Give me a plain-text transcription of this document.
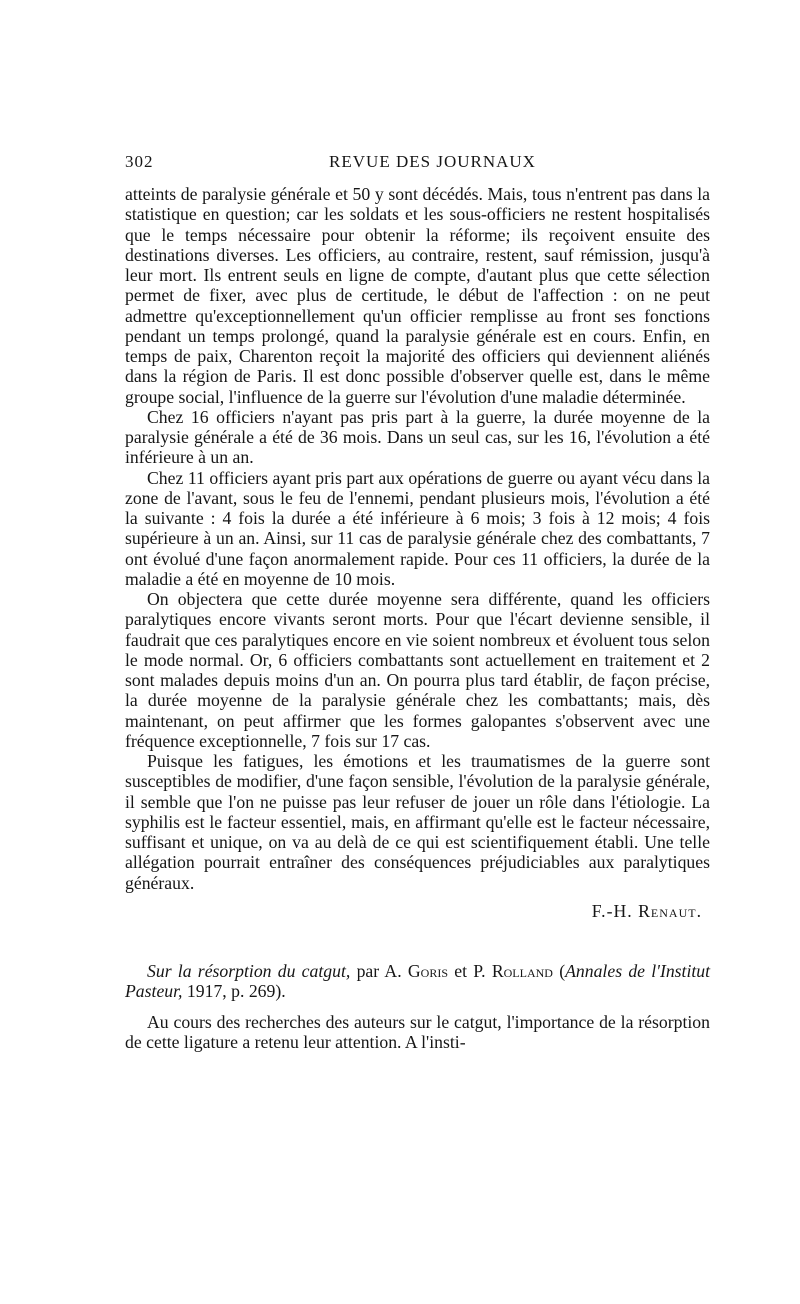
302	REVUE DES JOURNAUX

atteints de paralysie générale et 50 y sont décédés. Mais, tous n'entrent pas dans la statistique en question; car les soldats et les sous-officiers ne restent hospitalisés que le temps nécessaire pour obtenir la réforme; ils reçoivent ensuite des destinations diverses. Les officiers, au contraire, restent, sauf rémission, jusqu'à leur mort. Ils entrent seuls en ligne de compte, d'autant plus que cette sélection permet de fixer, avec plus de certitude, le début de l'affection : on ne peut admettre qu'exceptionnellement qu'un officier remplisse au front ses fonctions pendant un temps prolongé, quand la paralysie générale est en cours. Enfin, en temps de paix, Charenton reçoit la majorité des officiers qui deviennent aliénés dans la région de Paris. Il est donc possible d'observer quelle est, dans le même groupe social, l'influence de la guerre sur l'évolution d'une maladie déterminée.

Chez 16 officiers n'ayant pas pris part à la guerre, la durée moyenne de la paralysie générale a été de 36 mois. Dans un seul cas, sur les 16, l'évolution a été inférieure à un an.

Chez 11 officiers ayant pris part aux opérations de guerre ou ayant vécu dans la zone de l'avant, sous le feu de l'ennemi, pendant plusieurs mois, l'évolution a été la suivante : 4 fois la durée a été inférieure à 6 mois; 3 fois à 12 mois; 4 fois supérieure à un an. Ainsi, sur 11 cas de paralysie générale chez des combattants, 7 ont évolué d'une façon anormalement rapide. Pour ces 11 officiers, la durée de la maladie a été en moyenne de 10 mois.

On objectera que cette durée moyenne sera différente, quand les officiers paralytiques encore vivants seront morts. Pour que l'écart devienne sensible, il faudrait que ces paralytiques encore en vie soient nombreux et évoluent tous selon le mode normal. Or, 6 officiers combattants sont actuellement en traitement et 2 sont malades depuis moins d'un an. On pourra plus tard établir, de façon précise, la durée moyenne de la paralysie générale chez les combattants; mais, dès maintenant, on peut affirmer que les formes galopantes s'observent avec une fréquence exceptionnelle, 7 fois sur 17 cas.

Puisque les fatigues, les émotions et les traumatismes de la guerre sont susceptibles de modifier, d'une façon sensible, l'évolution de la paralysie générale, il semble que l'on ne puisse pas leur refuser de jouer un rôle dans l'étiologie. La syphilis est le facteur essentiel, mais, en affirmant qu'elle est le facteur nécessaire, suffisant et unique, on va au delà de ce qui est scientifiquement établi. Une telle allégation pourrait entraîner des conséquences préjudiciables aux paralytiques généraux.

F.-H. Renaut.

Sur la résorption du catgut, par A. Goris et P. Rolland (Annales de l'Institut Pasteur, 1917, p. 269).

Au cours des recherches des auteurs sur le catgut, l'importance de la résorption de cette ligature a retenu leur attention. A l'insti-
